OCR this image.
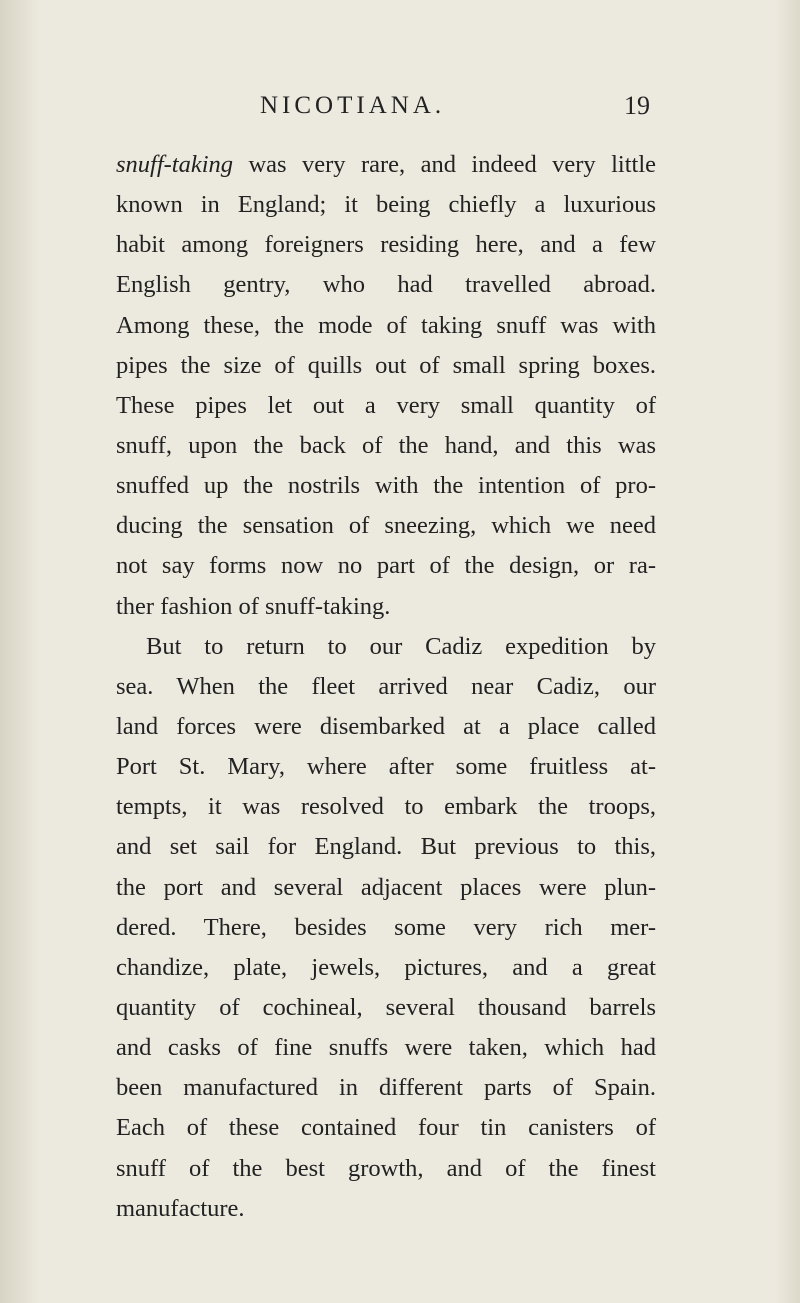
NICOTIANA.	19
snuff-taking was very rare, and indeed very little
known in England; it being chiefly a luxurious
habit among foreigners residing here, and a few
English gentry, who had travelled abroad.
Among these, the mode of taking snuff was with
pipes the size of quills out of small spring boxes.
These pipes let out a very small quantity of
snuff, upon the back of the hand, and this was
snuffed up the nostrils with the intention of pro-
ducing the sensation of sneezing, which we need
not say forms now no part of the design, or ra-
ther fashion of snuff-taking.
But to return to our Cadiz expedition by
sea. When the fleet arrived near Cadiz, our
land forces were disembarked at a place called
Port St. Mary, where after some fruitless at-
tempts, it was resolved to embark the troops,
and set sail for England. But previous to this,
the port and several adjacent places were plun-
dered. There, besides some very rich mer-
chandize, plate, jewels, pictures, and a great
quantity of cochineal, several thousand barrels
and casks of fine snuffs were taken, which had
been manufactured in different parts of Spain.
Each of these contained four tin canisters of
snuff of the best growth, and of the finest
manufacture.
